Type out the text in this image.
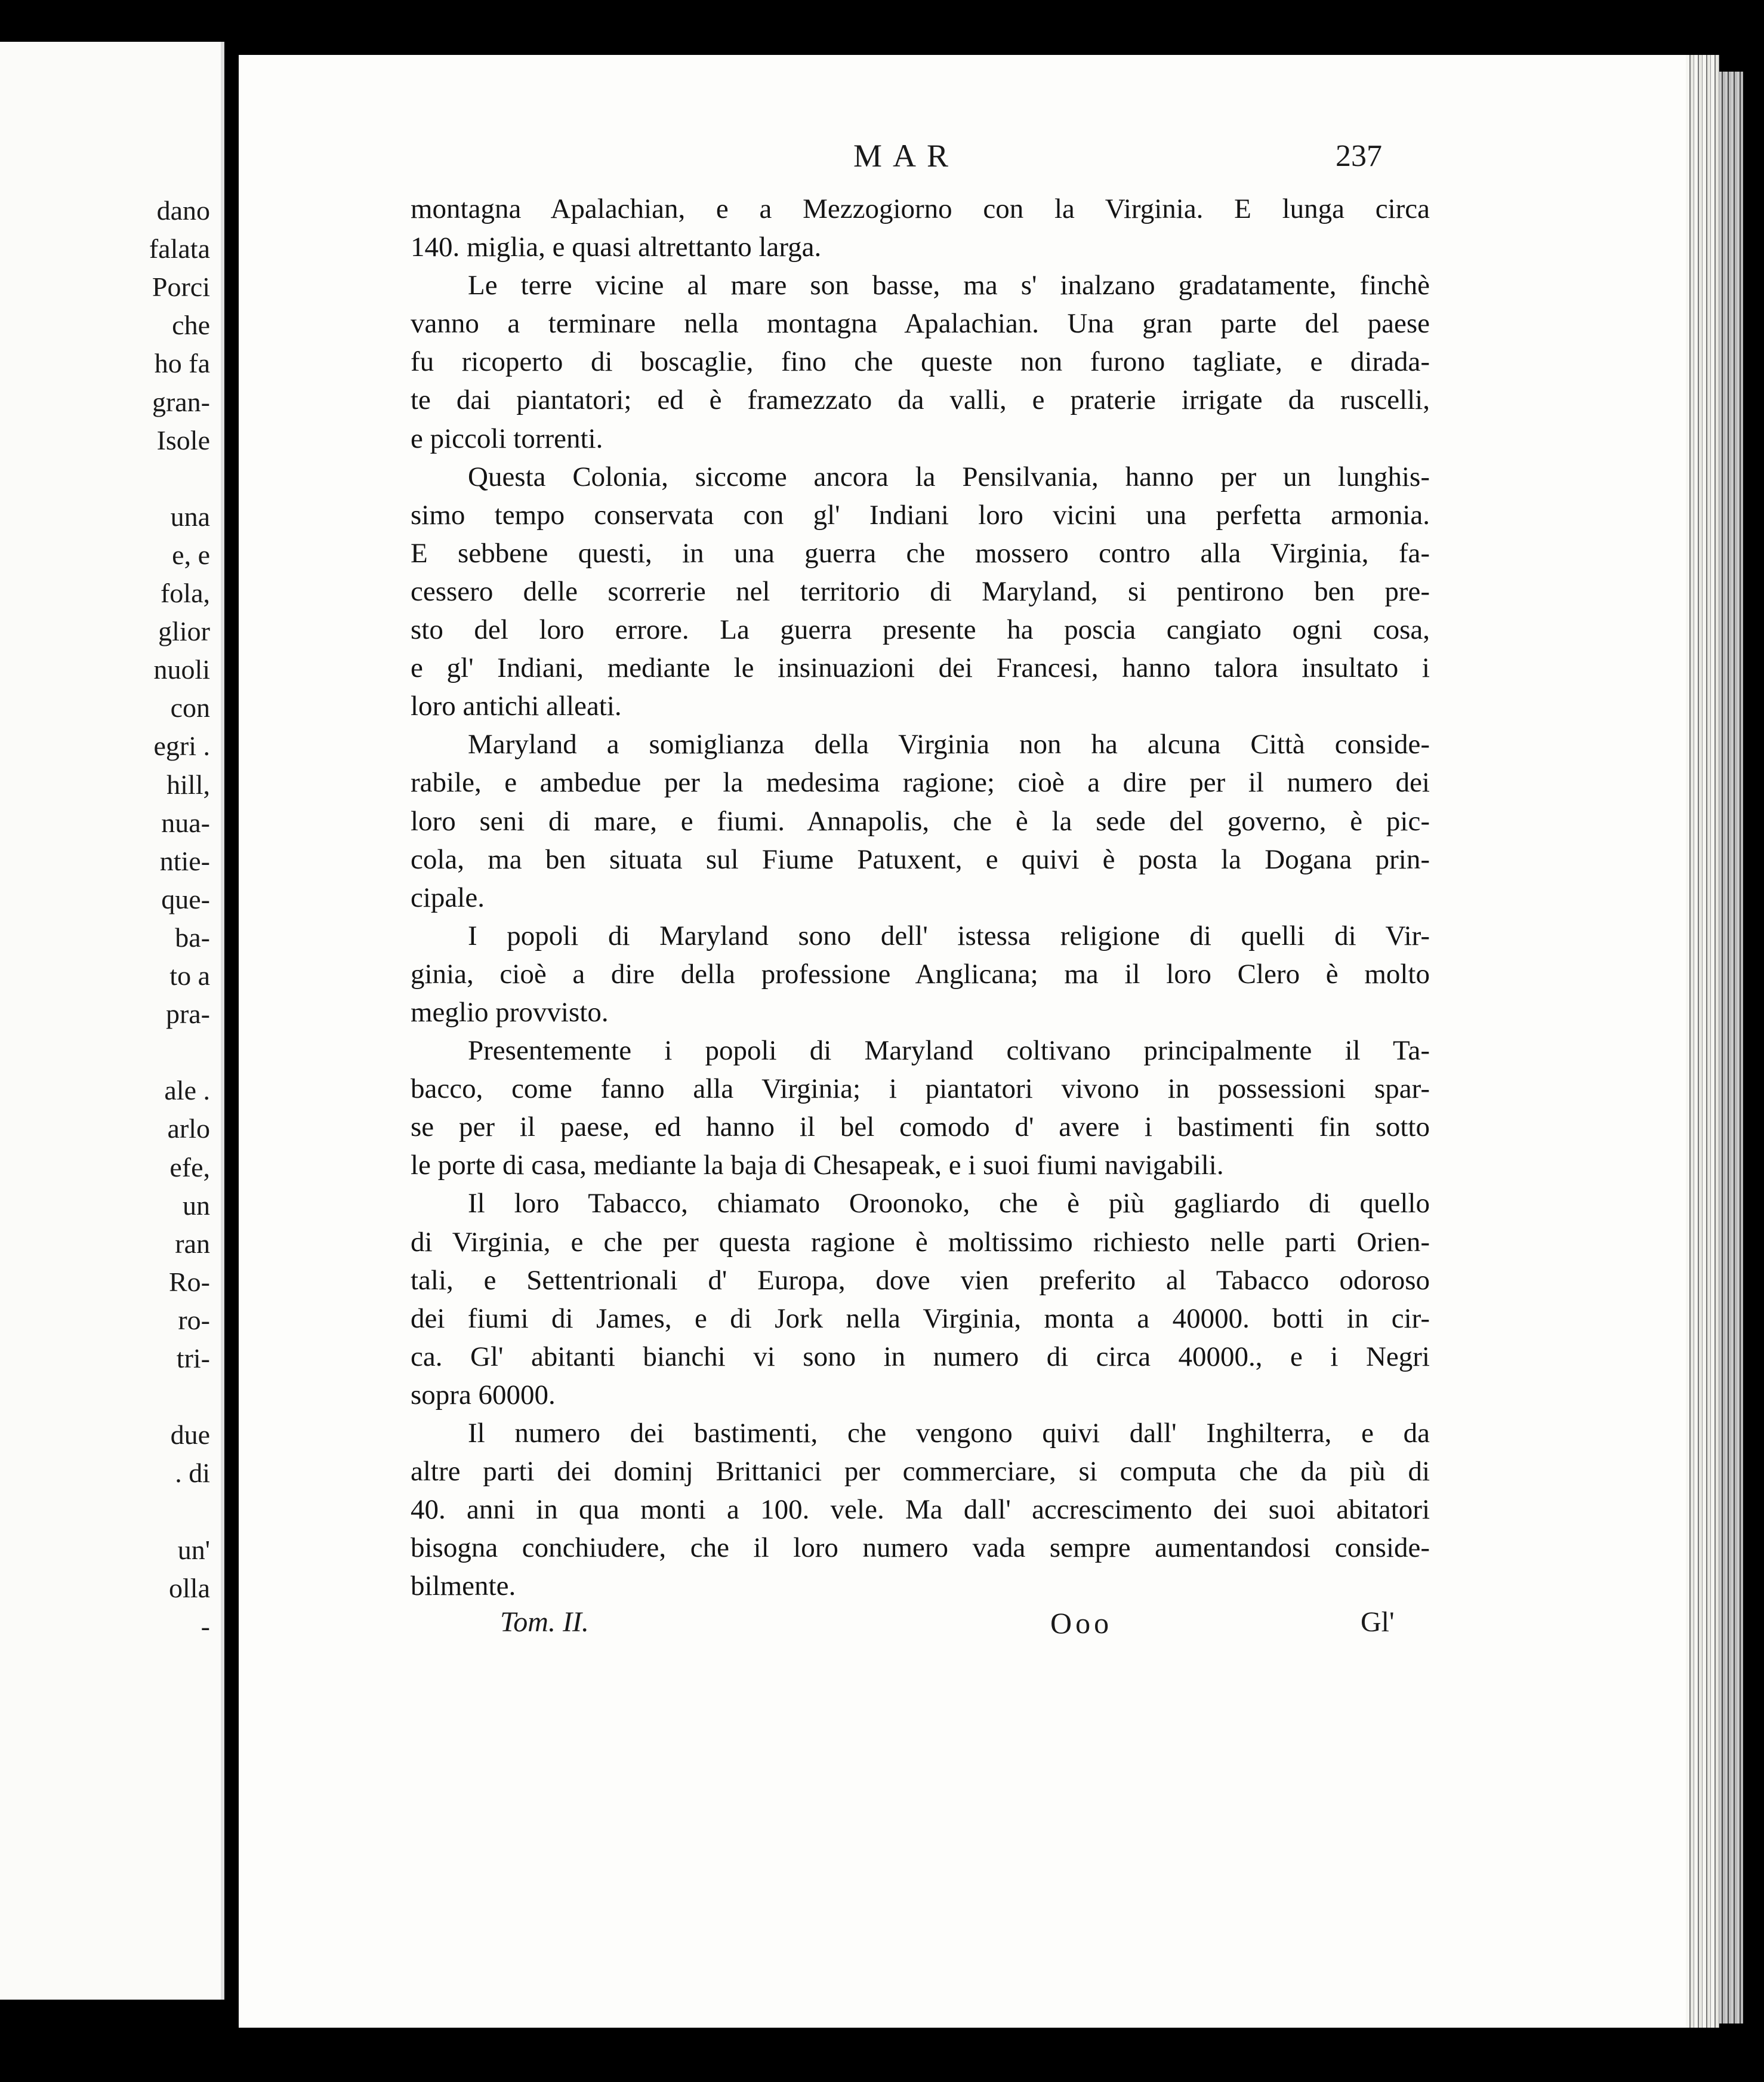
dano
falata
Porci
che
ho fa
gran-
Isole
una
e, e
fola,
glior
nuoli
con
egri .
hill,
nua-
ntie-
que-
ba-
to a
pra-
ale .
arlo
efe,
un
ran
Ro-
ro-
tri-
due
. di
un'
olla
-
MAR	237
montagna Apalachian, e a Mezzogiorno con la Virginia. E lunga circa
140. miglia, e quasi altrettanto larga.
Le terre vicine al mare son basse, ma s' inalzano gradatamente, finchè
vanno a terminare nella montagna Apalachian. Una gran parte del paese
fu ricoperto di boscaglie, fino che queste non furono tagliate, e dirada-
te dai piantatori; ed è framezzato da valli, e praterie irrigate da ruscelli,
e piccoli torrenti.
Questa Colonia, siccome ancora la Pensilvania, hanno per un lunghis-
simo tempo conservata con gl' Indiani loro vicini una perfetta armonia.
E sebbene questi, in una guerra che mossero contro alla Virginia, fa-
cessero delle scorrerie nel territorio di Maryland, si pentirono ben pre-
sto del loro errore. La guerra presente ha poscia cangiato ogni cosa,
e gl' Indiani, mediante le insinuazioni dei Francesi, hanno talora insultato i
loro antichi alleati.
Maryland a somiglianza della Virginia non ha alcuna Città conside-
rabile, e ambedue per la medesima ragione; cioè a dire per il numero dei
loro seni di mare, e fiumi. Annapolis, che è la sede del governo, è pic-
cola, ma ben situata sul Fiume Patuxent, e quivi è posta la Dogana prin-
cipale.
I popoli di Maryland sono dell' istessa religione di quelli di Vir-
ginia, cioè a dire della professione Anglicana; ma il loro Clero è molto
meglio provvisto.
Presentemente i popoli di Maryland coltivano principalmente il Ta-
bacco, come fanno alla Virginia; i piantatori vivono in possessioni spar-
se per il paese, ed hanno il bel comodo d' avere i bastimenti fin sotto
le porte di casa, mediante la baja di Chesapeak, e i suoi fiumi navigabili.
Il loro Tabacco, chiamato Oroonoko, che è più gagliardo di quello
di Virginia, e che per questa ragione è moltissimo richiesto nelle parti Orien-
tali, e Settentrionali d' Europa, dove vien preferito al Tabacco odoroso
dei fiumi di James, e di Jork nella Virginia, monta a 40000. botti in cir-
ca. Gl' abitanti bianchi vi sono in numero di circa 40000., e i Negri
sopra 60000.
Il numero dei bastimenti, che vengono quivi dall' Inghilterra, e da
altre parti dei dominj Brittanici per commerciare, si computa che da più di
40. anni in qua monti a 100. vele. Ma dall' accrescimento dei suoi abitatori
bisogna conchiudere, che il loro numero vada sempre aumentandosi conside-
bilmente.
Tom. II.	Ooo	Gl'
